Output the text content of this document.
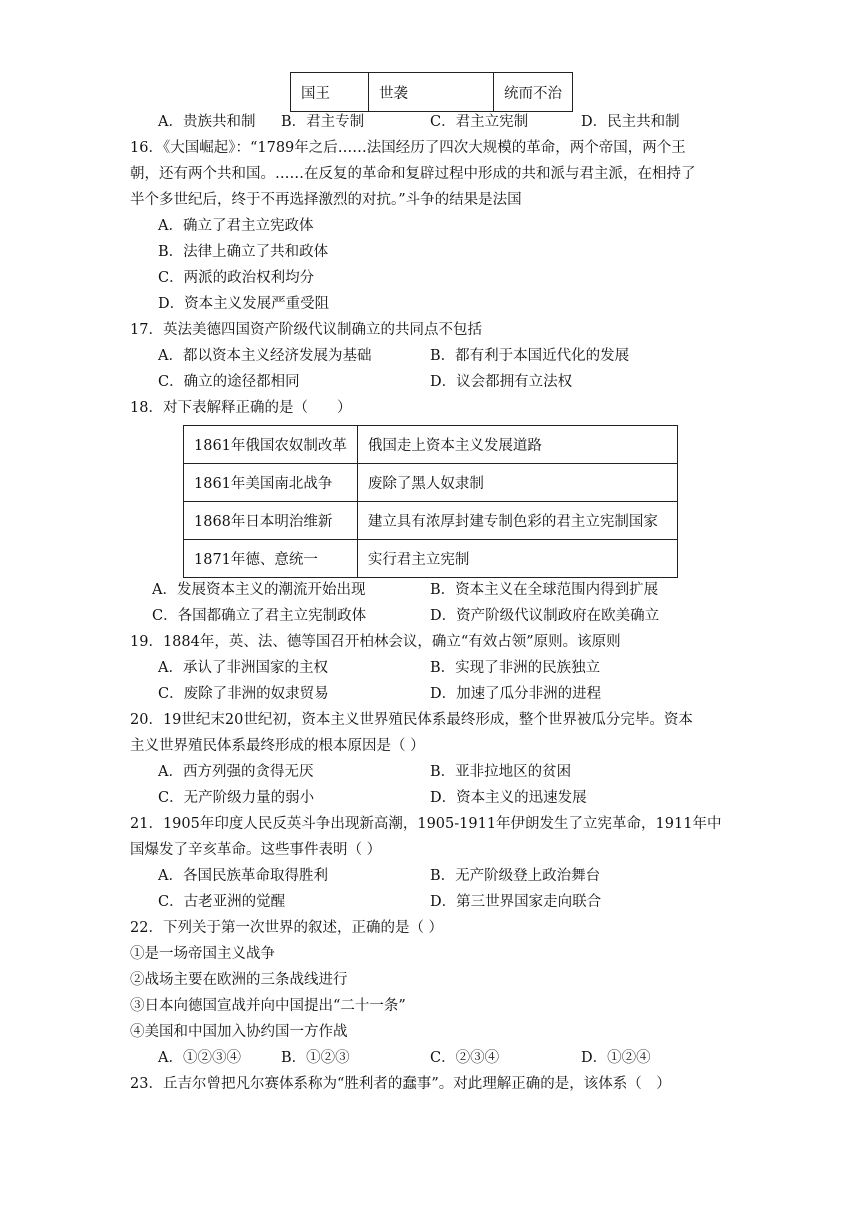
国王	世袭	统而不治
A．贵族共和制 B．君主专制	C．君主立宪制	D．民主共和制
16．《大国崛起》：“1789年之后……法国经历了四次大规模的革命，两个帝国，两个王
朝，还有两个共和国。……在反复的革命和复辟过程中形成的共和派与君主派，在相持了
半个多世纪后，终于不再选择激烈的对抗。”斗争的结果是法国
A．确立了君主立宪政体
B．法律上确立了共和政体
C．两派的政治权利均分
D．资本主义发展严重受阻
17．英法美德四国资产阶级代议制确立的共同点不包括
A．都以资本主义经济发展为基础	B．都有利于本国近代化的发展
C．确立的途径都相同	D．议会都拥有立法权
18．对下表解释正确的是（　　）
1861年俄国农奴制改革	俄国走上资本主义发展道路
1861年美国南北战争	废除了黑人奴隶制
1868年日本明治维新	建立具有浓厚封建专制色彩的君主立宪制国家
1871年德、意统一	实行君主立宪制
A．发展资本主义的潮流开始出现	B．资本主义在全球范围内得到扩展
C．各国都确立了君主立宪制政体	D．资产阶级代议制政府在欧美确立
19．1884年，英、法、德等国召开柏林会议，确立“有效占领”原则。该原则
A．承认了非洲国家的主权	B．实现了非洲的民族独立
C．废除了非洲的奴隶贸易	D．加速了瓜分非洲的进程
20．19世纪末20世纪初，资本主义世界殖民体系最终形成，整个世界被瓜分完毕。资本
主义世界殖民体系最终形成的根本原因是（ ）
A．西方列强的贪得无厌	B．亚非拉地区的贫困
C．无产阶级力量的弱小	D．资本主义的迅速发展
21．1905年印度人民反英斗争出现新高潮，1905-1911年伊朗发生了立宪革命，1911年中
国爆发了辛亥革命。这些事件表明（ ）
A．各国民族革命取得胜利	B．无产阶级登上政治舞台
C．古老亚洲的觉醒	D．第三世界国家走向联合
22．下列关于第一次世界的叙述，正确的是（ ）
①是一场帝国主义战争
②战场主要在欧洲的三条战线进行
③日本向德国宣战并向中国提出“二十一条”
④美国和中国加入协约国一方作战
A．①②③④	B．①②③	C．②③④	D．①②④
23．丘吉尔曾把凡尔赛体系称为“胜利者的蠢事”。对此理解正确的是，该体系（　）
